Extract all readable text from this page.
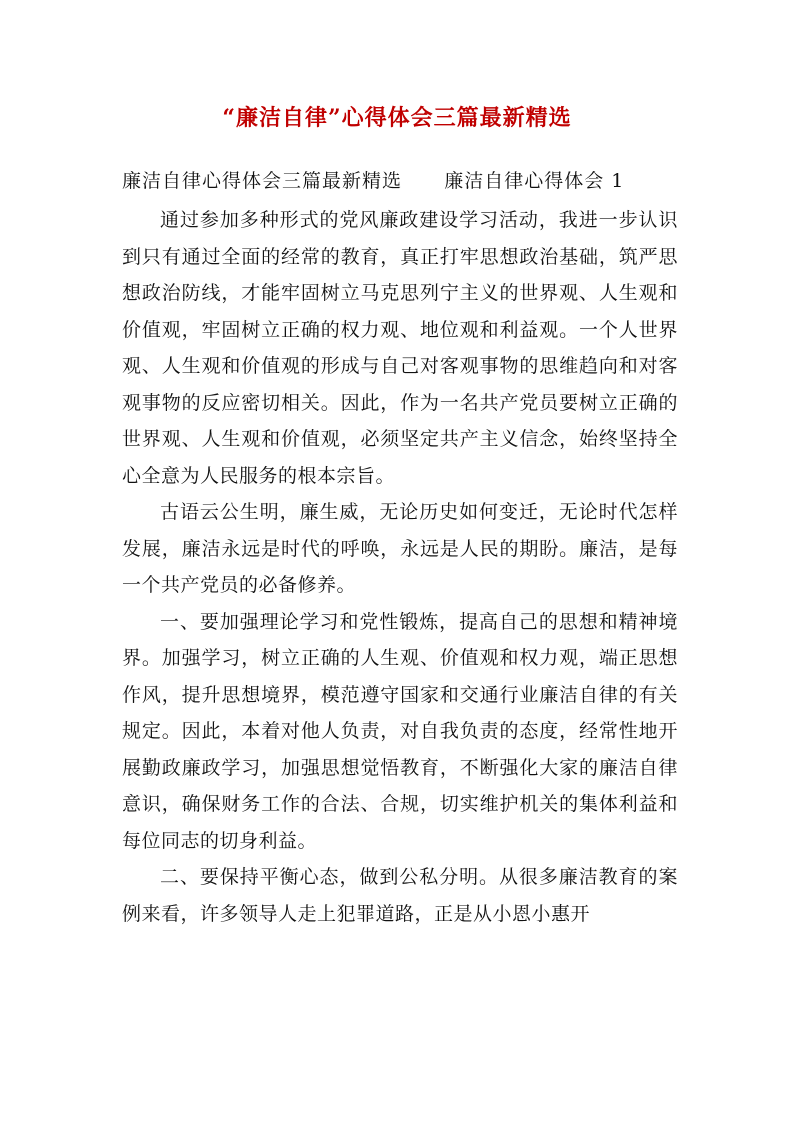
“廉洁自律”心得体会三篇最新精选
廉洁自律心得体会三篇最新精选      廉洁自律心得体会 1

通过参加多种形式的党风廉政建设学习活动，我进一步认识到只有通过全面的经常的教育，真正打牢思想政治基础，筑严思想政治防线，才能牢固树立马克思列宁主义的世界观、人生观和价值观，牢固树立正确的权力观、地位观和利益观。一个人世界观、人生观和价值观的形成与自己对客观事物的思维趋向和对客观事物的反应密切相关。因此，作为一名共产党员要树立正确的世界观、人生观和价值观，必须坚定共产主义信念，始终坚持全心全意为人民服务的根本宗旨。

古语云公生明，廉生威，无论历史如何变迁，无论时代怎样发展，廉洁永远是时代的呼唤，永远是人民的期盼。廉洁，是每一个共产党员的必备修养。

一、要加强理论学习和党性锻炼，提高自己的思想和精神境界。加强学习，树立正确的人生观、价值观和权力观，端正思想作风，提升思想境界，模范遵守国家和交通行业廉洁自律的有关规定。因此，本着对他人负责，对自我负责的态度，经常性地开展勤政廉政学习，加强思想觉悟教育，不断强化大家的廉洁自律意识，确保财务工作的合法、合规，切实维护机关的集体利益和每位同志的切身利益。

二、要保持平衡心态，做到公私分明。从很多廉洁教育的案例来看，许多领导人走上犯罪道路，正是从小恩小惠开
